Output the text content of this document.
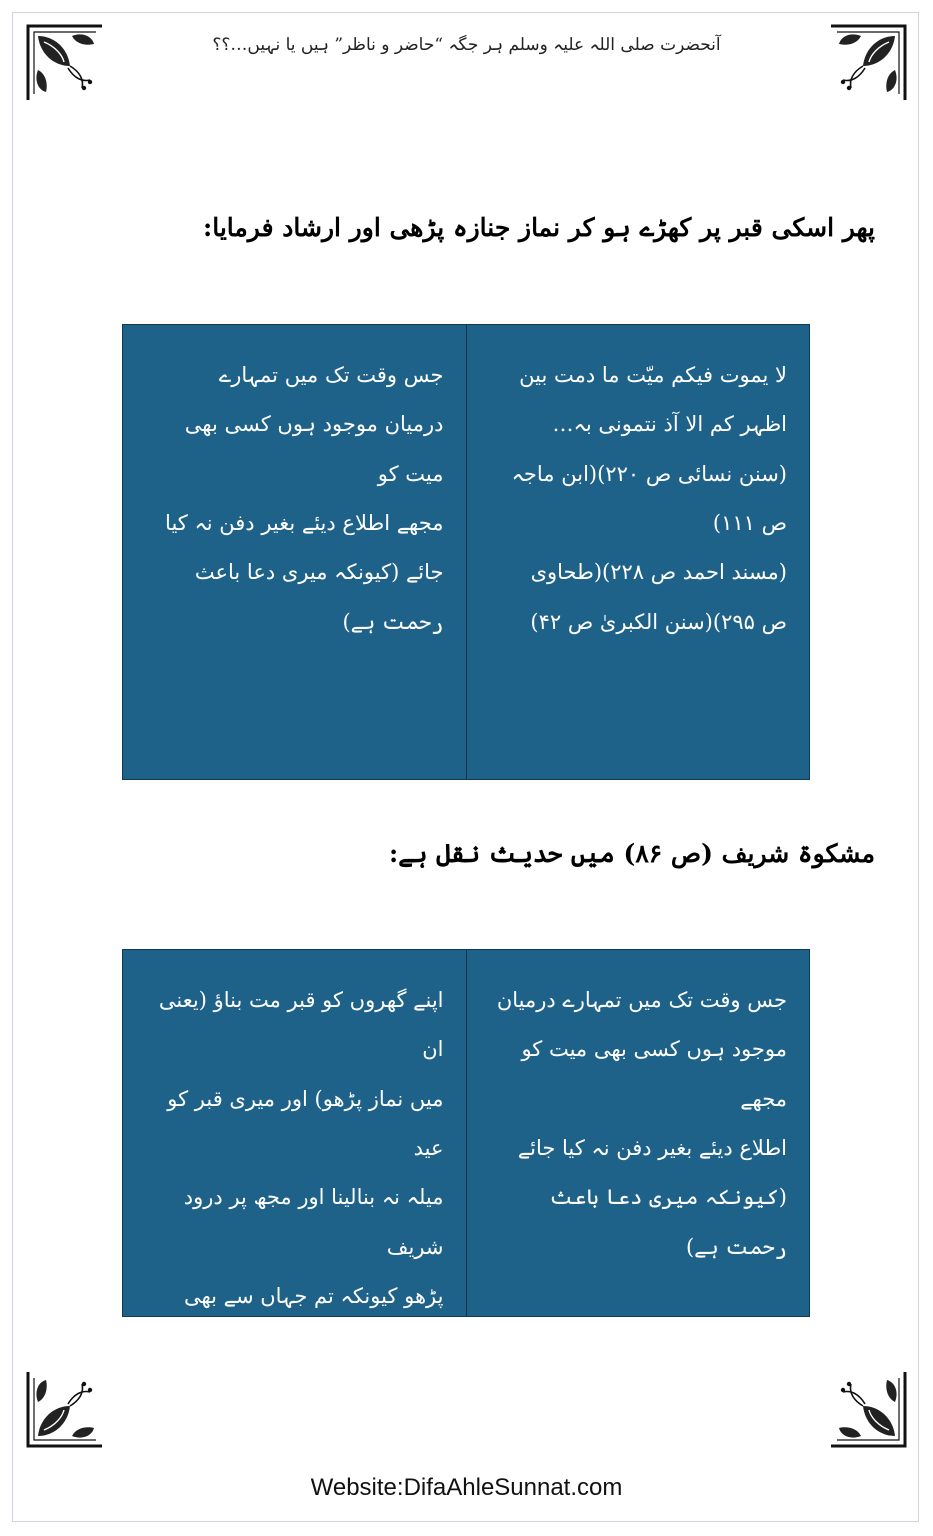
آنحضرت صلی اللہ علیہ وسلم ہر جگہ “حاضر و ناظر” ہیں یا نہیں…؟؟
پھر اسکی قبر پر کھڑے ہو کر نماز جنازہ پڑھی اور ارشاد فرمایا:

لا یموت فیکم میّت ما دمت بین

اظہر کم الا آذ نتمونی بہ…

(سنن نسائی ص ۲۲۰)(ابن ماجہ

ص ۱۱۱)

(مسند احمد ص ۲۲۸)(طحاوی

ص ۲۹۵)(سنن الکبریٰ ص ۴۲)

جس وقت تک میں تمہارے

درمیان موجود ہوں کسی بھی میت کو

مجھے اطلاع دیئے بغیر دفن نہ کیا

جائے (کیونکہ میری دعا باعث

رحمت ہے)

مشکوۃ شریف (ص ۸۶) میں حدیث نقل ہے:

جس وقت تک میں تمہارے درمیان

موجود ہوں کسی بھی میت کو مجھے

اطلاع دیئے بغیر دفن نہ کیا جائے

(کیونکہ میری دعا باعث رحمت ہے)

اپنے گھروں کو قبر مت بناؤ (یعنی ان

میں نماز پڑھو) اور میری قبر کو عید

میلہ نہ بنالینا اور مجھ پر درود شریف

پڑھو کیونکہ تم جہاں سے بھی درود

پڑھو گے مجھے پہنچا دیا جاتا ہے۔

Website:DifaAhleSunnat.com
